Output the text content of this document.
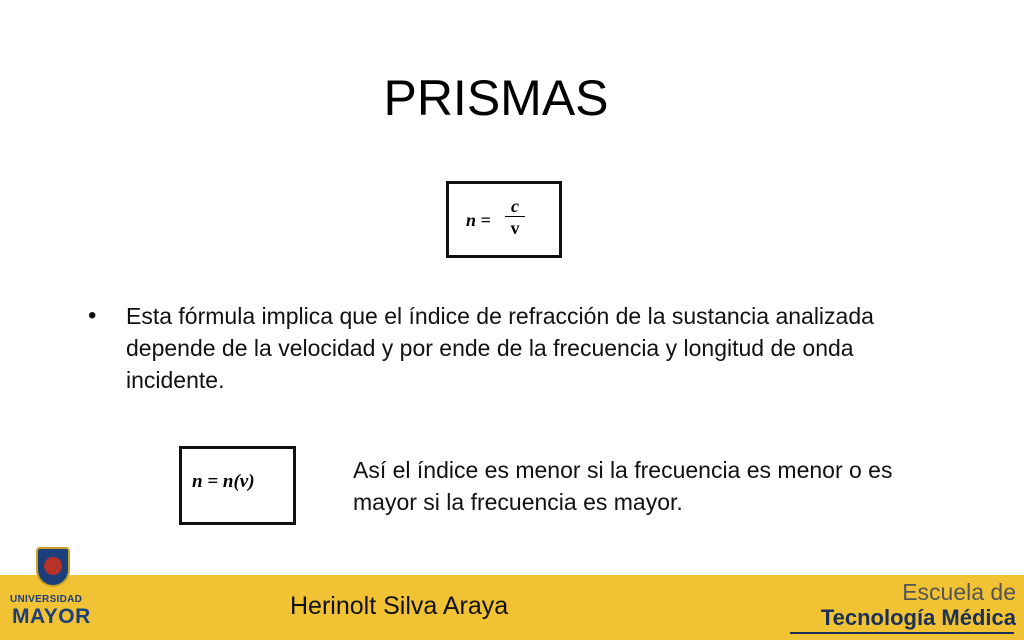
PRISMAS
n =
c
v
• Esta fórmula implica que el índice de refracción de la sustancia analizada depende de la velocidad y por ende de la frecuencia y longitud de onda incidente.
n = n(ν)	Así el índice es menor si la frecuencia es menor o es mayor si la frecuencia es mayor.
UNIVERSIDAD
MAYOR	Herinolt Silva Araya	Escuela de
Tecnología Médica
